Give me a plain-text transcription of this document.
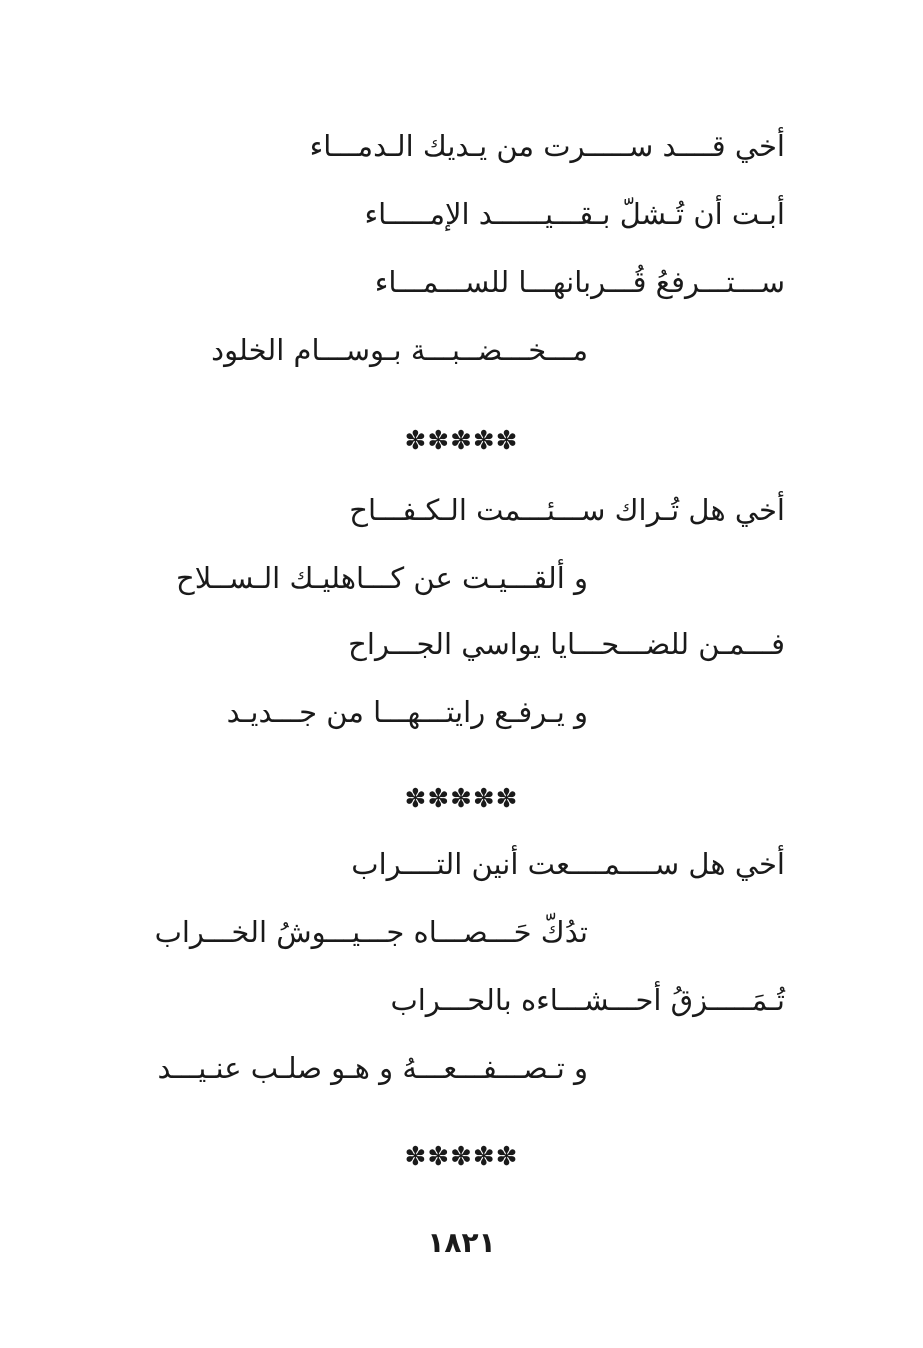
أخي قــــد ســـــرت من يـديك الـدمـــاء
أبـت أن تُـشلّ بـقـــيــــــد الإمـــــاء
ســـتـــرفعُ قُـــربانهـــا للســـمـــاء
مـــخـــضــبـــة بـوســـام الخلود
✽✽✽✽✽
أخي هل تُـراك ســـئـــمت الـكـفـــاح
و ألقـــيـت عن كـــاهليـك الـســلاح
فـــمـن للضـــحـــايا يواسي الجـــراح
و يـرفـع رايتـــهـــا من جـــديـد
✽✽✽✽✽
أخي هل ســــمــــعت أنين التــــراب
تدُكّ حَـــصـــاه جـــيـــوشُ الخـــراب
تُـمَـــــزقُ أحـــشـــاءه بالحـــراب
و تـصـــفـــعـــهُ و هـو صلـب عنـيـــد
✽✽✽✽✽
١٨٢١
